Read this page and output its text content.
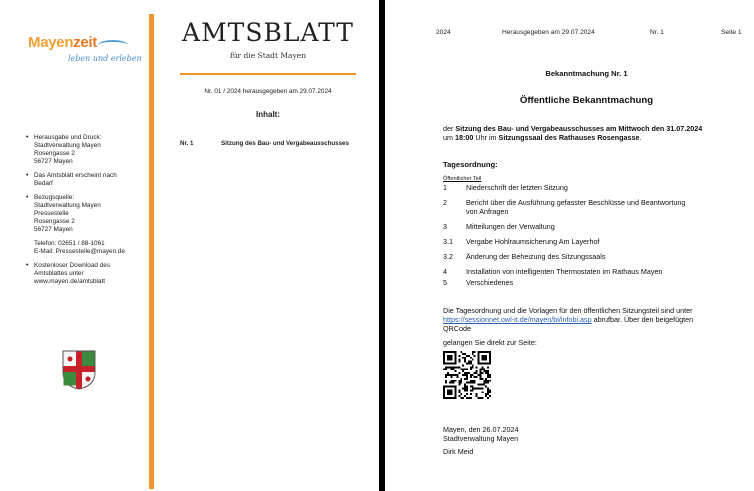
Mayenzeit
leben und erleben
• Herausgabe und Druck:
Stadtverwaltung Mayen
Rosengasse 2
56727 Mayen
• Das Amtsblatt erscheint nach
Bedarf
• Bezugsquelle:
Stadtverwaltung Mayen
Pressestelle
Rosengasse 2
56727 Mayen
Telefon: 02651 / 88-1061
E-Mail: Pressestelle@mayen.de
• Kostenloser Download des
Amtsblattes unter
www.mayen.de/amtsblatt
AMTSBLATT
für die Stadt Mayen
Nr. 01 / 2024 herausgegeben am 29.07.2024
Inhalt:
Nr. 1	Sitzung des Bau- und Vergabeausschusses
2024	Herausgegeben am 29.07.2024	Nr. 1	Seite 1
Bekanntmachung Nr. 1
Öffentliche Bekanntmachung
der Sitzung des Bau- und Vergabeausschusses am Mittwoch den 31.07.2024
um 18:00 Uhr im Sitzungssaal des Rathauses Rosengasse.
Tagesordnung:
Öffentlicher Teil
1	Niederschrift der letzten Sitzung
2	Bericht über die Ausführung gefasster Beschlüsse und Beantwortung
von Anfragen
3	Mitteilungen der Verwaltung
3.1 Vergabe Hohlraumsicherung Am Layerhof
3.2 Änderung der Beheizung des Sitzungssaals
4	Installation von intelligenten Thermostaten im Rathaus Mayen
5	Verschiedenes
Die Tagesordnung und die Vorlagen für den öffentlichen Sitzungsteil sind unter
https://sessionnet.owl-it.de/mayen/bi/infobi.asp abrufbar. Über den beigefügten
QRCode
gelangen Sie direkt zur Seite:
Mayen, den 26.07.2024
Stadtverwaltung Mayen
Dirk Meid
